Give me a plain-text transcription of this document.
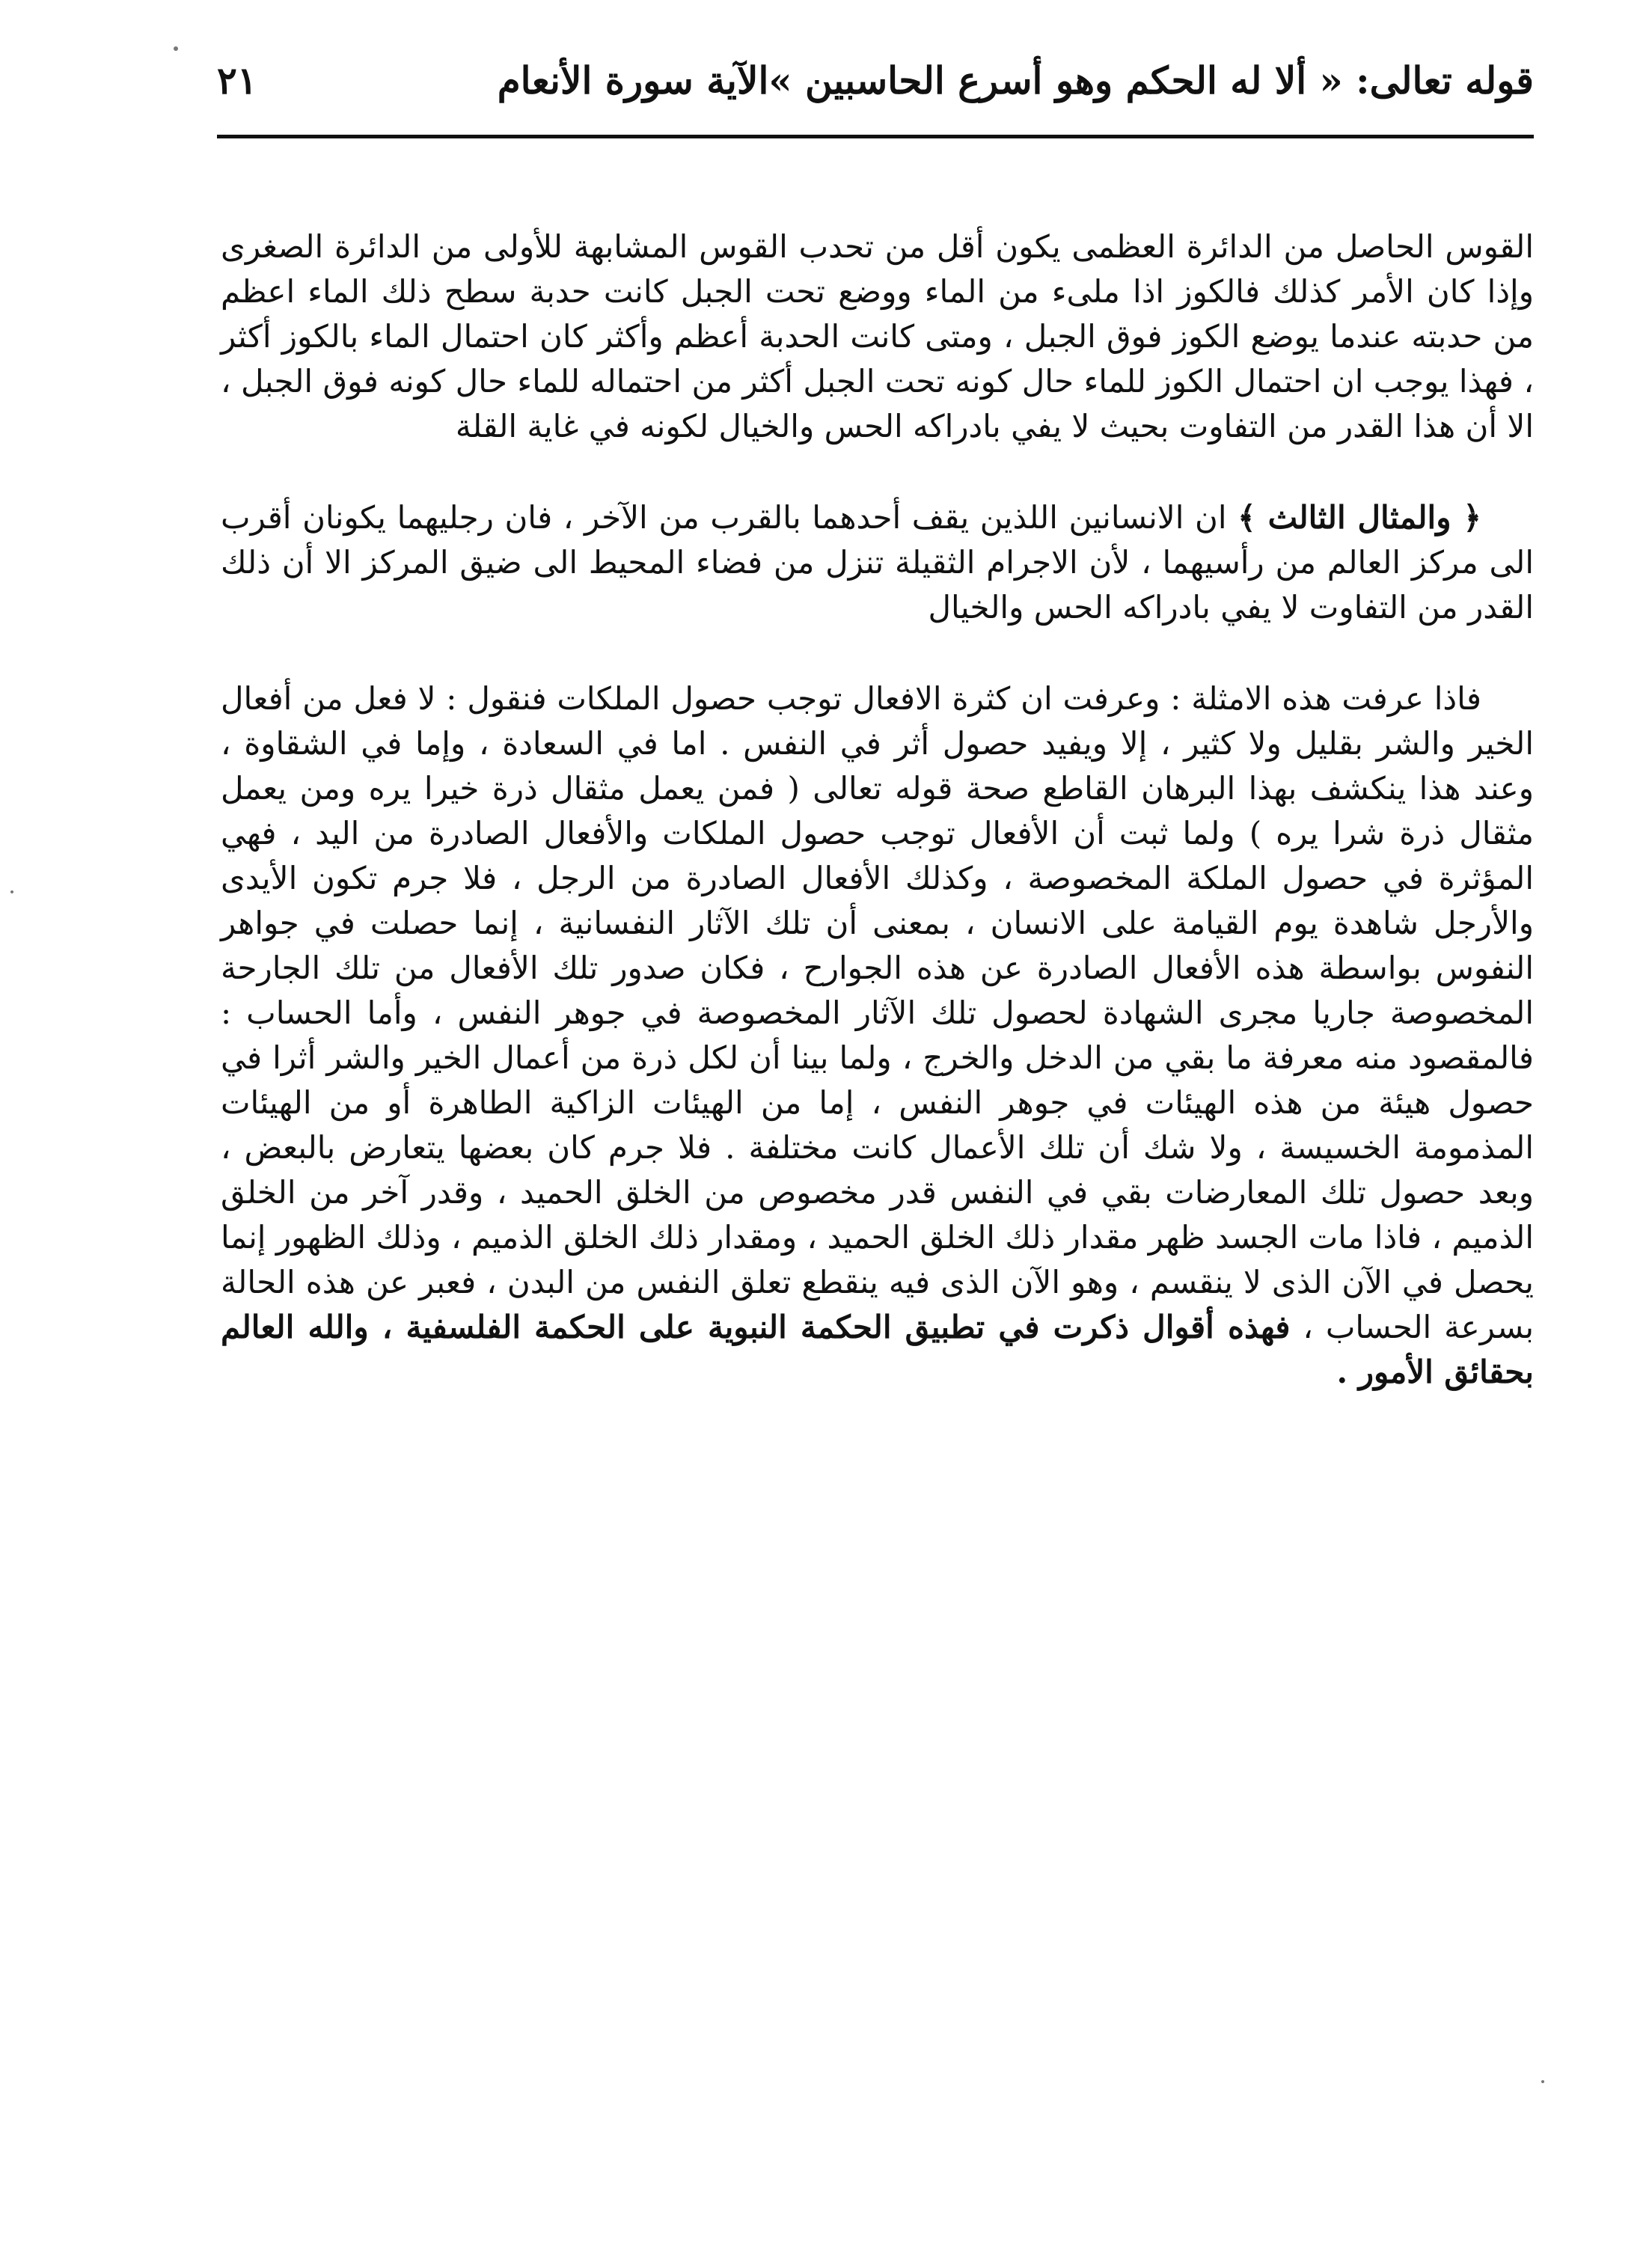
قوله تعالى: « ألا له الحكم وهو أسرع الحاسبين »الآية سورة الأنعام
٢١

القوس الحاصل من الدائرة العظمى يكون أقل من تحدب القوس المشابهة للأولى من الدائرة الصغرى وإذا كان الأمر كذلك فالكوز اذا ملىء من الماء ووضع تحت الجبل كانت حدبة سطح ذلك الماء اعظم من حدبته عندما يوضع الكوز فوق الجبل ، ومتى كانت الحدبة أعظم وأكثر كان احتمال الماء بالكوز أكثر ، فهذا يوجب ان احتمال الكوز للماء حال كونه تحت الجبل أكثر من احتماله للماء حال كونه فوق الجبل ، الا أن هذا القدر من التفاوت بحيث لا يفي بادراكه الحس والخيال لكونه في غاية القلة

﴿ والمثال الثالث ﴾ ان الانسانين اللذين يقف أحدهما بالقرب من الآخر ، فان رجليهما يكونان أقرب الى مركز العالم من رأسيهما ، لأن الاجرام الثقيلة تنزل من فضاء المحيط الى ضيق المركز الا أن ذلك القدر من التفاوت لا يفي بادراكه الحس والخيال

فاذا عرفت هذه الامثلة : وعرفت ان كثرة الافعال توجب حصول الملكات فنقول : لا فعل من أفعال الخير والشر بقليل ولا كثير ، إلا ويفيد حصول أثر في النفس . اما في السعادة ، وإما في الشقاوة ، وعند هذا ينكشف بهذا البرهان القاطع صحة قوله تعالى ( فمن يعمل مثقال ذرة خيرا يره ومن يعمل مثقال ذرة شرا يره ) ولما ثبت أن الأفعال توجب حصول الملكات والأفعال الصادرة من اليد ، فهي المؤثرة في حصول الملكة المخصوصة ، وكذلك الأفعال الصادرة من الرجل ، فلا جرم تكون الأيدى والأرجل شاهدة يوم القيامة على الانسان ، بمعنى أن تلك الآثار النفسانية ، إنما حصلت في جواهر النفوس بواسطة هذه الأفعال الصادرة عن هذه الجوارح ، فكان صدور تلك الأفعال من تلك الجارحة المخصوصة جاريا مجرى الشهادة لحصول تلك الآثار المخصوصة في جوهر النفس ، وأما الحساب : فالمقصود منه معرفة ما بقي من الدخل والخرج ، ولما بينا أن لكل ذرة من أعمال الخير والشر أثرا في حصول هيئة من هذه الهيئات في جوهر النفس ، إما من الهيئات الزاكية الطاهرة أو من الهيئات المذمومة الخسيسة ، ولا شك أن تلك الأعمال كانت مختلفة . فلا جرم كان بعضها يتعارض بالبعض ، وبعد حصول تلك المعارضات بقي في النفس قدر مخصوص من الخلق الحميد ، وقدر آخر من الخلق الذميم ، فاذا مات الجسد ظهر مقدار ذلك الخلق الحميد ، ومقدار ذلك الخلق الذميم ، وذلك الظهور إنما يحصل في الآن الذى لا ينقسم ، وهو الآن الذى فيه ينقطع تعلق النفس من البدن ، فعبر عن هذه الحالة بسرعة الحساب ، فهذه أقوال ذكرت في تطبيق الحكمة النبوية على الحكمة الفلسفية ، والله العالم بحقائق الأمور .
